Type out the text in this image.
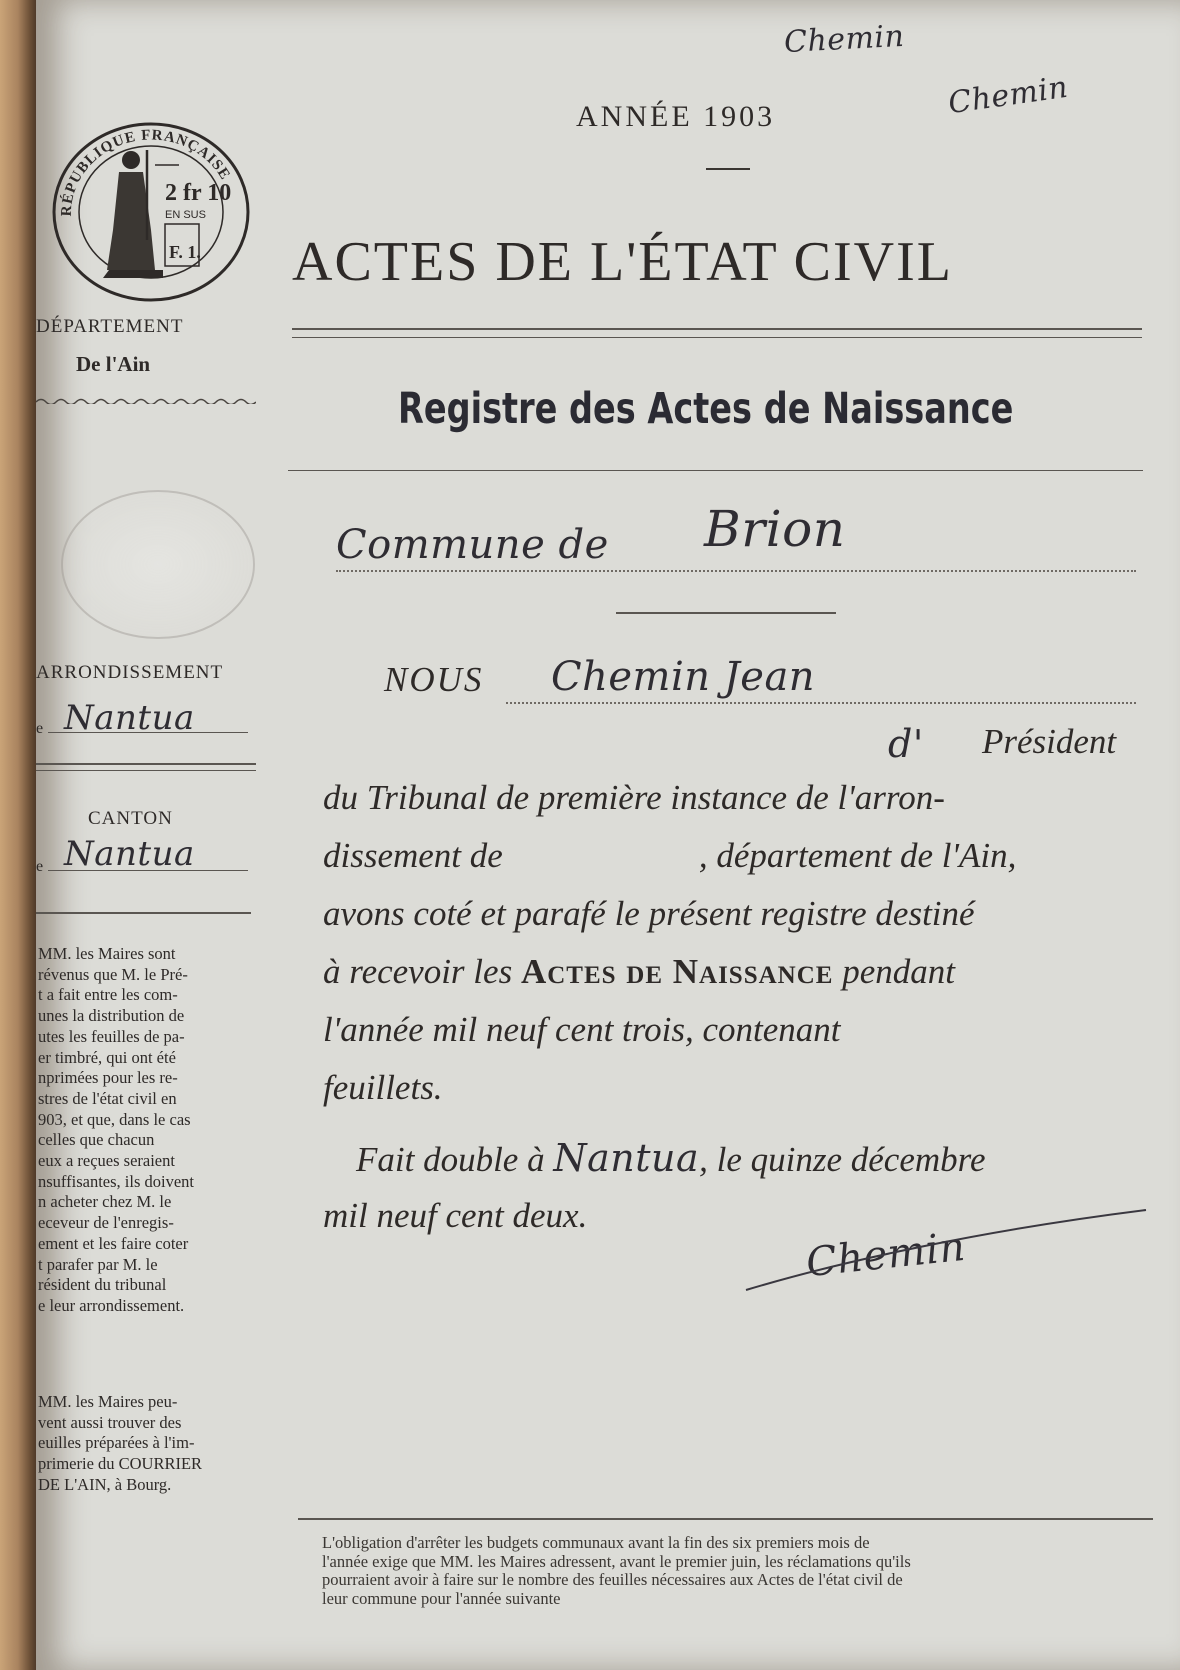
Chemin
Chemin
RÉPUBLIQUE FRANÇAISE
2 fr 10
EN SUS
F. 1.
DÉPARTEMENT
De l'Ain
ARRONDISSEMENT
e Nantua
CANTON
e Nantua
MM. les Maires sont
révenus que M. le Pré-
t a fait entre les com-
unes la distribution de
utes les feuilles de pa-
er timbré, qui ont été
nprimées pour les re-
stres de l'état civil en
903, et que, dans le cas
celles que chacun
eux a reçues seraient
nsuffisantes, ils doivent
n acheter chez M. le
eceveur de l'enregis-
ement et les faire coter
t parafer par M. le
résident du tribunal
e leur arrondissement.
MM. les Maires peu-
vent aussi trouver des
euilles préparées à l'im-
primerie du COURRIER
DE L'AIN, à Bourg.
ANNÉE 1903
ACTES DE L'ÉTAT CIVIL
Registre des Actes de Naissance
Commune de Brion
NOUS Chemin Jean
d' Président
du Tribunal de première instance de l'arron-
dissement de	, département de l'Ain,
avons coté et parafé le présent registre destiné
à recevoir les Actes de Naissance pendant
l'année mil neuf cent trois, contenant
feuillets.
Fait double à Nantua, le quinze décembre
mil neuf cent deux.
Chemin
L'obligation d'arrêter les budgets communaux avant la fin des six premiers mois de
l'année exige que MM. les Maires adressent, avant le premier juin, les réclamations qu'ils
pourraient avoir à faire sur le nombre des feuilles nécessaires aux Actes de l'état civil de
leur commune pour l'année suivante
